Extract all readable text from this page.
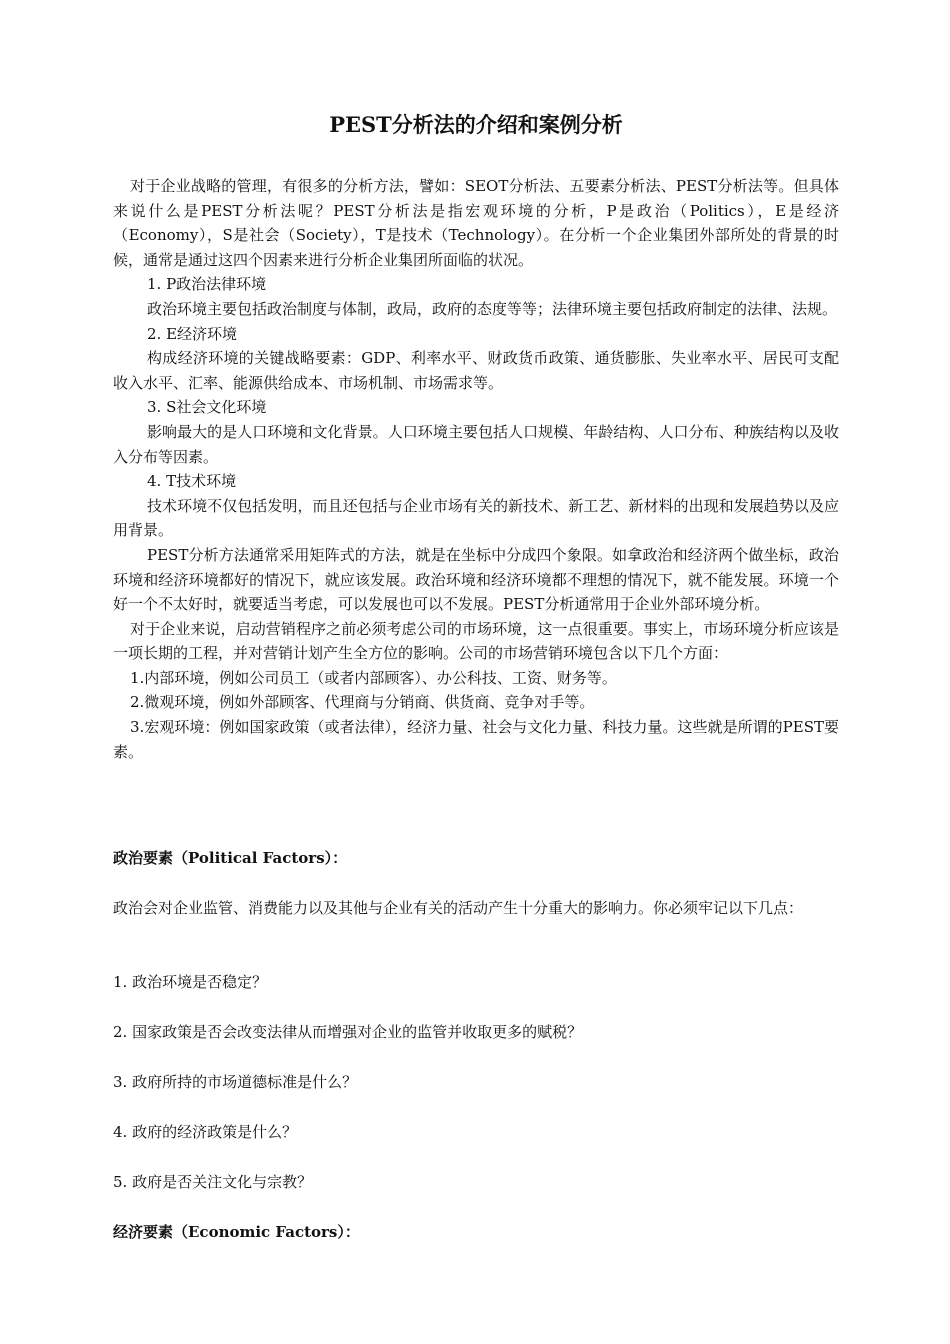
PEST分析法的介绍和案例分析

对于企业战略的管理，有很多的分析方法，譬如：SEOT分析法、五要素分析法、PEST分析法等。但具体来说什么是PEST分析法呢？PEST分析法是指宏观环境的分析，P是政治（Politics），E是经济（Economy），S是社会（Society），T是技术（Technology）。在分析一个企业集团外部所处的背景的时候，通常是通过这四个因素来进行分析企业集团所面临的状况。

1. P政治法律环境

政治环境主要包括政治制度与体制，政局，政府的态度等等；法律环境主要包括政府制定的法律、法规。

2. E经济环境

构成经济环境的关键战略要素：GDP、利率水平、财政货币政策、通货膨胀、失业率水平、居民可支配收入水平、汇率、能源供给成本、市场机制、市场需求等。

3. S社会文化环境

影响最大的是人口环境和文化背景。人口环境主要包括人口规模、年龄结构、人口分布、种族结构以及收入分布等因素。

4. T技术环境

技术环境不仅包括发明，而且还包括与企业市场有关的新技术、新工艺、新材料的出现和发展趋势以及应用背景。

PEST分析方法通常采用矩阵式的方法，就是在坐标中分成四个象限。如拿政治和经济两个做坐标，政治环境和经济环境都好的情况下，就应该发展。政治环境和经济环境都不理想的情况下，就不能发展。环境一个好一个不太好时，就要适当考虑，可以发展也可以不发展。PEST分析通常用于企业外部环境分析。

对于企业来说，启动营销程序之前必须考虑公司的市场环境，这一点很重要。事实上，市场环境分析应该是一项长期的工程，并对营销计划产生全方位的影响。公司的市场营销环境包含以下几个方面：

1.内部环境，例如公司员工（或者内部顾客）、办公科技、工资、财务等。

2.微观环境，例如外部顾客、代理商与分销商、供货商、竞争对手等。

3.宏观环境：例如国家政策（或者法律），经济力量、社会与文化力量、科技力量。这些就是所谓的PEST要素。

政治要素（Political Factors）：

政治会对企业监管、消费能力以及其他与企业有关的活动产生十分重大的影响力。你必须牢记以下几点：

1. 政治环境是否稳定？

2. 国家政策是否会改变法律从而增强对企业的监管并收取更多的赋税？

3. 政府所持的市场道德标准是什么？

4. 政府的经济政策是什么？

5. 政府是否关注文化与宗教？

经济要素（Economic Factors）：
